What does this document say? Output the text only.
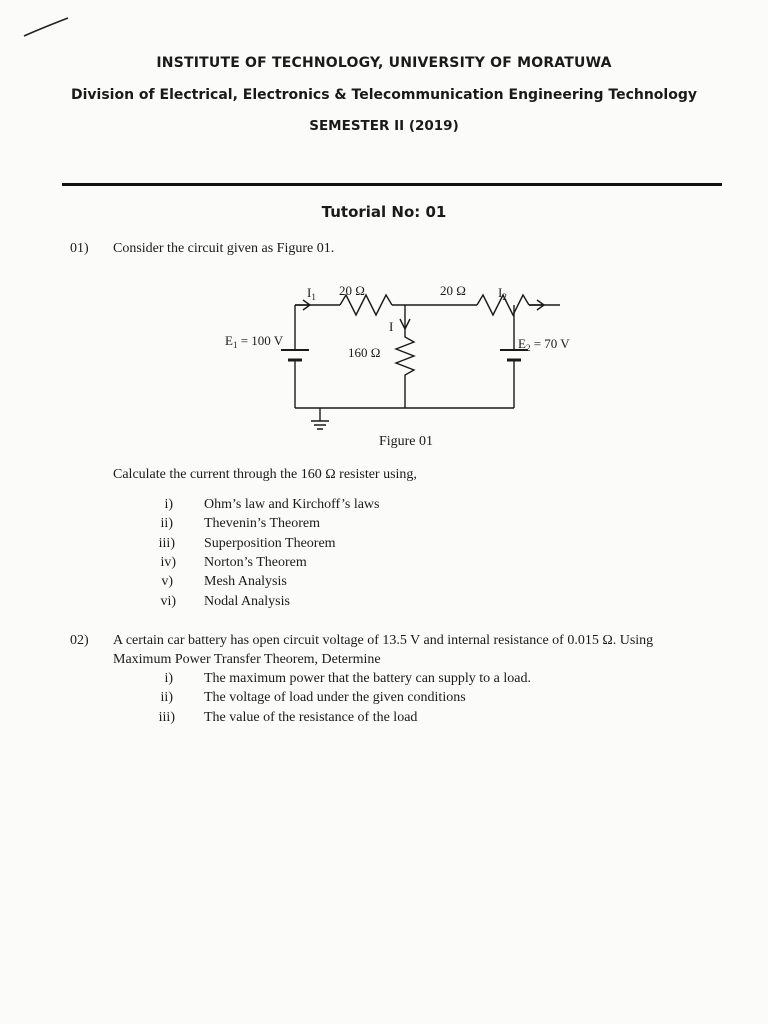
INSTITUTE OF TECHNOLOGY, UNIVERSITY OF MORATUWA
Division of Electrical, Electronics & Telecommunication Engineering Technology
SEMESTER II (2019)
Tutorial No: 01
01) Consider the circuit given as Figure 01.
$I_1$ 20 Ω	20 Ω $I_2$
I
160 Ω
$E_1 = 100$ V	$E_2 = 70$ V
Figure 01
Calculate the current through the 160 Ω resister using,
i) Ohm’s law and Kirchoff’s laws
ii) Thevenin’s Theorem
iii) Superposition Theorem
iv) Norton’s Theorem
v) Mesh Analysis
vi) Nodal Analysis
02) A certain car battery has open circuit voltage of 13.5 V and internal resistance of 0.015 Ω. Using
Maximum Power Transfer Theorem, Determine
i) The maximum power that the battery can supply to a load.
ii) The voltage of load under the given conditions
iii) The value of the resistance of the load
